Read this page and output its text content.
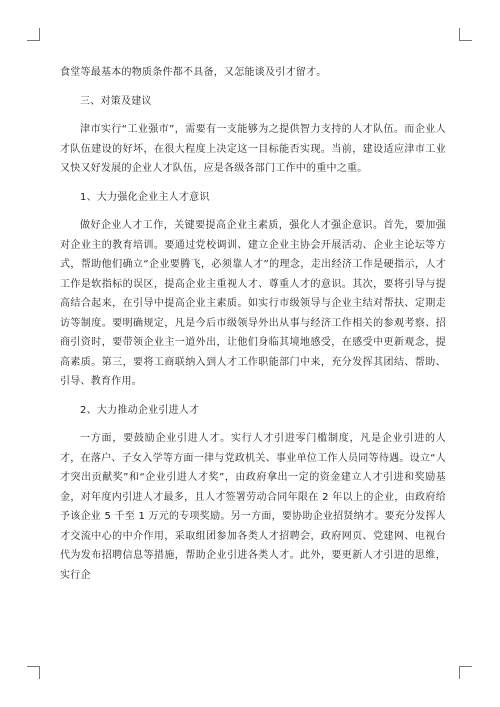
食堂等最基本的物质条件都不具备，又怎能谈及引才留才。

三、对策及建议

津市实行“工业强市”，需要有一支能够为之提供智力支持的人才队伍。而企业人才队伍建设的好坏，在很大程度上决定这一目标能否实现。当前，建设适应津市工业又快又好发展的企业人才队伍，应是各级各部门工作中的重中之重。

1、大力强化企业主人才意识

做好企业人才工作，关键要提高企业主素质，强化人才强企意识。首先，要加强对企业主的教育培训。要通过党校调训、建立企业主协会开展活动、企业主论坛等方式，帮助他们确立“企业要腾飞，必须靠人才”的理念，走出经济工作是硬指示，人才工作是软指标的误区，提高企业主重视人才、尊重人才的意识。其次，要将引导与提高结合起来，在引导中提高企业主素质。如实行市级领导与企业主结对帮扶、定期走访等制度。要明确规定，凡是今后市级领导外出从事与经济工作相关的参观考察、招商引资时，要带领企业主一道外出，让他们身临其境地感受，在感受中更新观念，提高素质。第三，要将工商联纳入到人才工作职能部门中来，充分发挥其团结、帮助、引导、教育作用。

2、大力推动企业引进人才

一方面，要鼓励企业引进人才。实行人才引进零门槛制度，凡是企业引进的人才，在落户、子女入学等方面一律与党政机关、事业单位工作人员同等待遇。设立“人才突出贡献奖”和“企业引进人才奖”，由政府拿出一定的资金建立人才引进和奖励基金，对年度内引进人才最多，且人才签署劳动合同年限在 2 年以上的企业，由政府给予该企业 5 千至 1 万元的专项奖励。另一方面，要协助企业招贤纳才。要充分发挥人才交流中心的中介作用，采取组团参加各类人才招聘会，政府网页、党建网、电视台代为发布招聘信息等措施，帮助企业引进各类人才。此外，要更新人才引进的思维，实行企
